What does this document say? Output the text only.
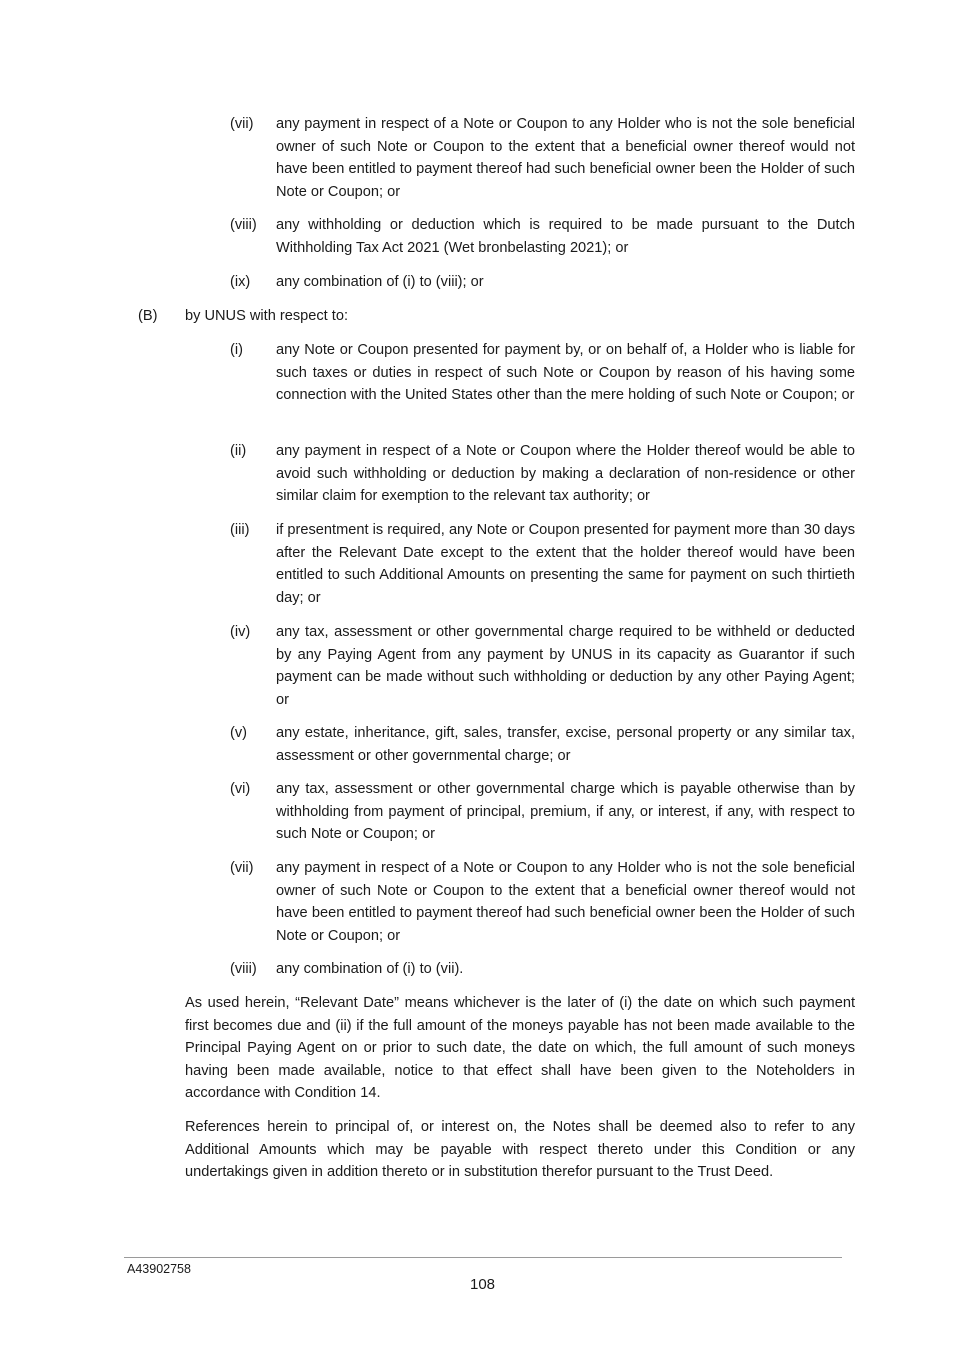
(vii)	any payment in respect of a Note or Coupon to any Holder who is not the sole beneficial owner of such Note or Coupon to the extent that a beneficial owner thereof would not have been entitled to payment thereof had such beneficial owner been the Holder of such Note or Coupon; or
(viii)	any withholding or deduction which is required to be made pursuant to the Dutch Withholding Tax Act 2021 (Wet bronbelasting 2021); or
(ix)	any combination of (i) to (viii); or
(B) by UNUS with respect to:
(i)	any Note or Coupon presented for payment by, or on behalf of, a Holder who is liable for such taxes or duties in respect of such Note or Coupon by reason of his having some connection with the United States other than the mere holding of such Note or Coupon; or
(ii)	any payment in respect of a Note or Coupon where the Holder thereof would be able to avoid such withholding or deduction by making a declaration of non-residence or other similar claim for exemption to the relevant tax authority; or
(iii)	if presentment is required, any Note or Coupon presented for payment more than 30 days after the Relevant Date except to the extent that the holder thereof would have been entitled to such Additional Amounts on presenting the same for payment on such thirtieth day; or
(iv)	any tax, assessment or other governmental charge required to be withheld or deducted by any Paying Agent from any payment by UNUS in its capacity as Guarantor if such payment can be made without such withholding or deduction by any other Paying Agent; or
(v)	any estate, inheritance, gift, sales, transfer, excise, personal property or any similar tax, assessment or other governmental charge; or
(vi)	any tax, assessment or other governmental charge which is payable otherwise than by withholding from payment of principal, premium, if any, or interest, if any, with respect to such Note or Coupon; or
(vii)	any payment in respect of a Note or Coupon to any Holder who is not the sole beneficial owner of such Note or Coupon to the extent that a beneficial owner thereof would not have been entitled to payment thereof had such beneficial owner been the Holder of such Note or Coupon; or
(viii)	any combination of (i) to (vii).

As used herein, “Relevant Date” means whichever is the later of (i) the date on which such payment first becomes due and (ii) if the full amount of the moneys payable has not been made available to the Principal Paying Agent on or prior to such date, the date on which, the full amount of such moneys having been made available, notice to that effect shall have been given to the Noteholders in accordance with Condition 14.

References herein to principal of, or interest on, the Notes shall be deemed also to refer to any Additional Amounts which may be payable with respect thereto under this Condition or any undertakings given in addition thereto or in substitution therefor pursuant to the Trust Deed.

A43902758
108
